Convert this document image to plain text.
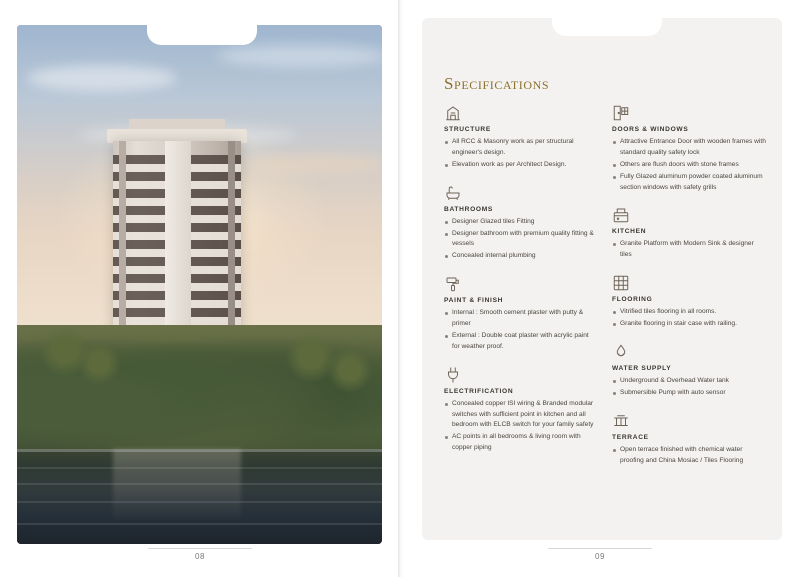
08
Specifications

STRUCTURE

All RCC & Masonry work as per structural engineer's design.
Elevation work as per Architect Design.

BATHROOMS

Designer Glazed tiles Fitting
Designer bathroom with premium quality fitting & vessels
Concealed internal plumbing

PAINT & FINISH

Internal : Smooth cement plaster with putty & primer
External : Double coat plaster with acrylic paint for weather proof.

ELECTRIFICATION

Concealed copper ISI wiring & Branded modular switches with sufficient point in kitchen and all bedroom with ELCB switch for your family safety
AC points in all bedrooms & living room with copper piping

DOORS & WINDOWS

Attractive Entrance Door with wooden frames with standard quality safety lock
Others are flush doors with stone frames
Fully Glazed aluminum powder coated aluminum section windows with safety grills

KITCHEN

Granite Platform with Modern Sink & designer tiles

FLOORING

Vitrified tiles flooring in all rooms.
Granite flooring in stair case with railing.

WATER SUPPLY

Underground & Overhead Water tank
Submersible Pump with auto sensor

TERRACE

Open terrace finished with chemical water proofing and China Mosiac / Tiles Flooring
09
